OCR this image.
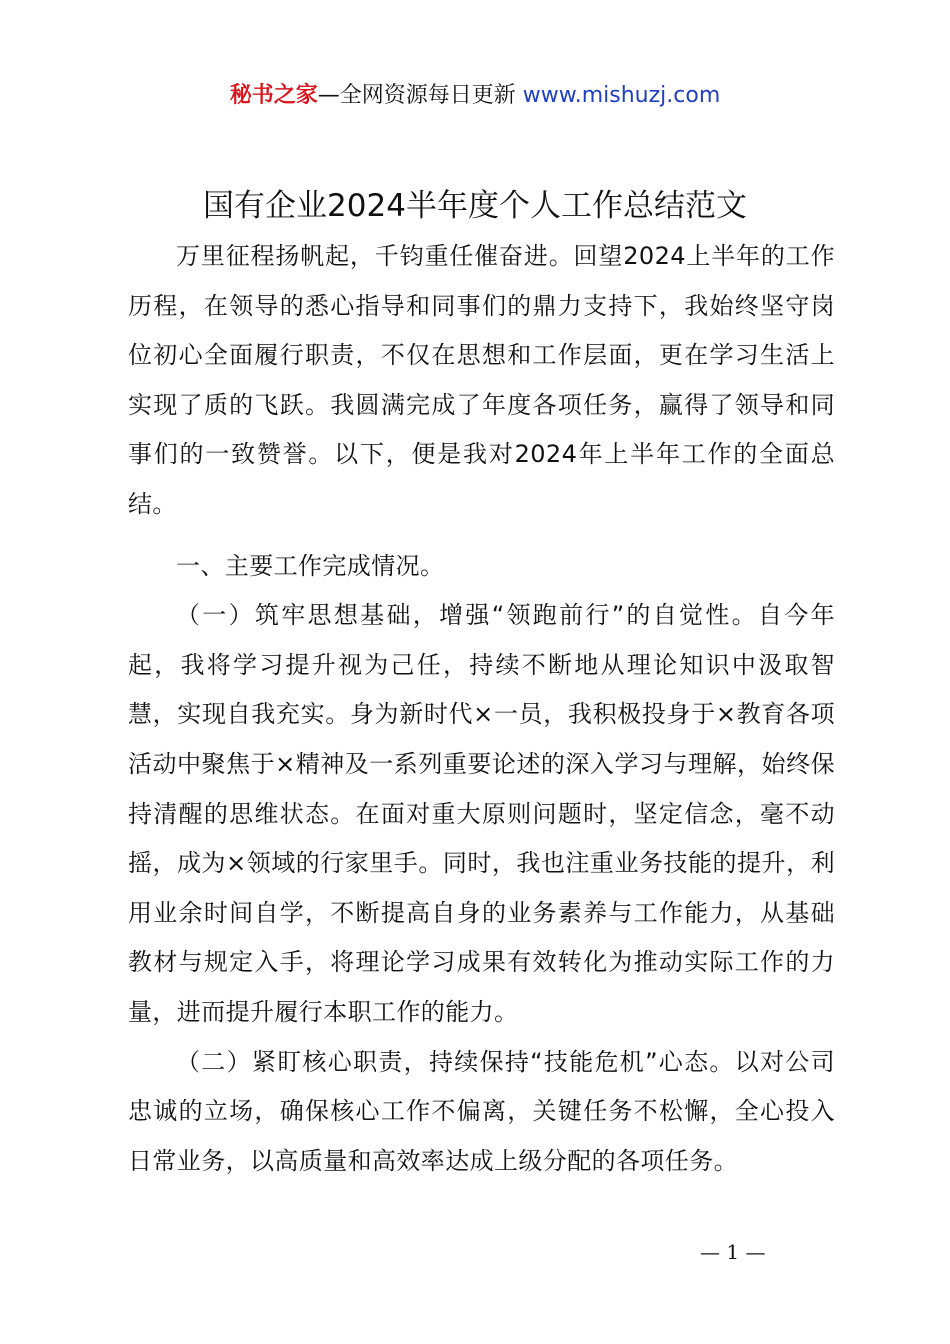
秘书之家—全网资源每日更新 www.mishuzj.com
国有企业2024半年度个人工作总结范文

万里征程扬帆起，千钧重任催奋进。回望2024上半年的工作历程，在领导的悉心指导和同事们的鼎力支持下，我始终坚守岗位初心全面履行职责，不仅在思想和工作层面，更在学习生活上实现了质的飞跃。我圆满完成了年度各项任务，赢得了领导和同事们的一致赞誉。以下，便是我对2024年上半年工作的全面总结。

一、主要工作完成情况。

（一）筑牢思想基础，增强“领跑前行”的自觉性。自今年起，我将学习提升视为己任，持续不断地从理论知识中汲取智慧，实现自我充实。身为新时代×一员，我积极投身于×教育各项活动中聚焦于×精神及一系列重要论述的深入学习与理解，始终保持清醒的思维状态。在面对重大原则问题时，坚定信念，毫不动摇，成为×领域的行家里手。同时，我也注重业务技能的提升，利用业余时间自学，不断提高自身的业务素养与工作能力，从基础教材与规定入手，将理论学习成果有效转化为推动实际工作的力量，进而提升履行本职工作的能力。

（二）紧盯核心职责，持续保持“技能危机”心态。以对公司忠诚的立场，确保核心工作不偏离，关键任务不松懈，全心投入日常业务，以高质量和高效率达成上级分配的各项任务。

— 1 —
